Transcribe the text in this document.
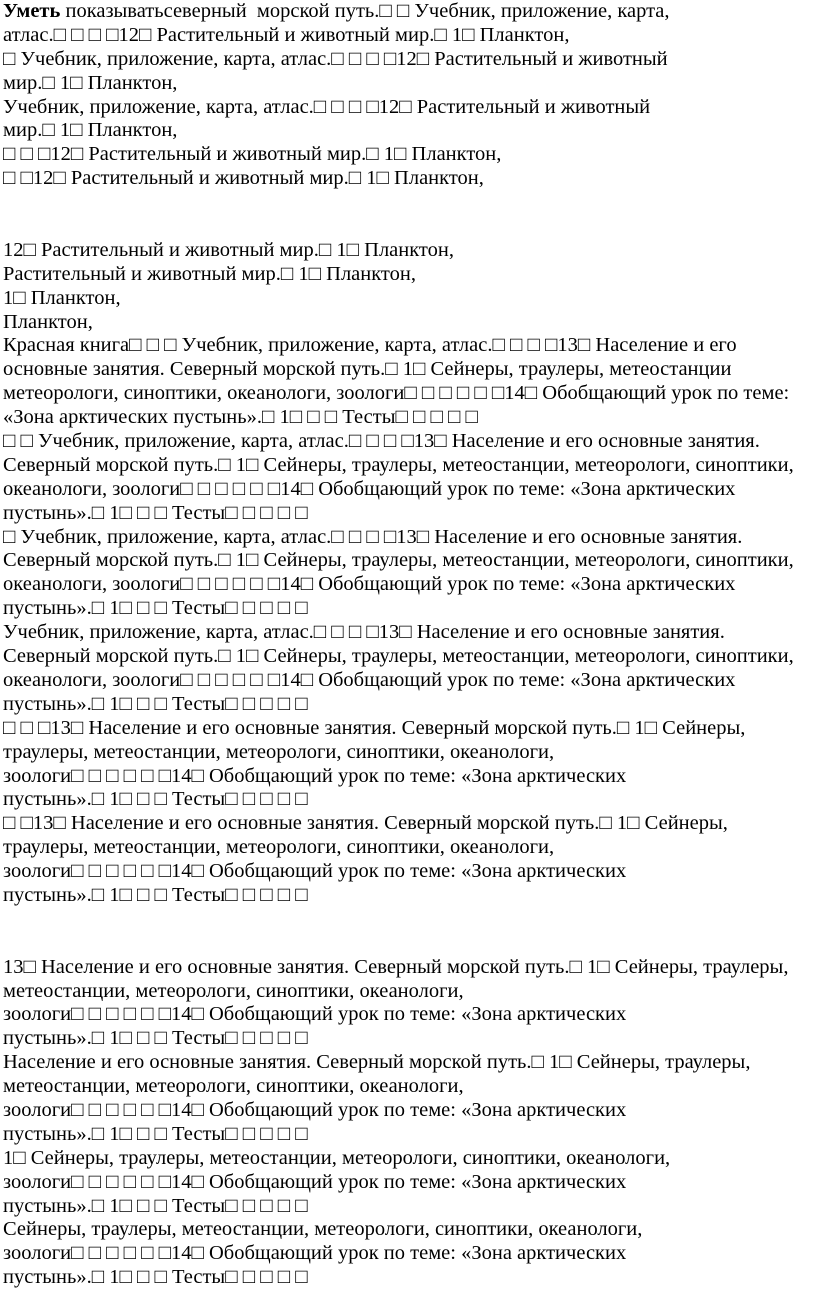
Уметь показыватьсеверный  морской путь.□ □ Учебник, приложение, карта,
атлас.□ □ □ □12□ Растительный и животный мир.□ 1□ Планктон,
□ Учебник, приложение, карта, атлас.□ □ □ □12□ Растительный и животный
мир.□ 1□ Планктон,
Учебник, приложение, карта, атлас.□ □ □ □12□ Растительный и животный
мир.□ 1□ Планктон,
□ □ □12□ Растительный и животный мир.□ 1□ Планктон,
□ □12□ Растительный и животный мир.□ 1□ Планктон,
12□ Растительный и животный мир.□ 1□ Планктон,
Растительный и животный мир.□ 1□ Планктон,
1□ Планктон,
Планктон,
Красная книга□ □ □ Учебник, приложение, карта, атлас.□ □ □ □13□ Население и его
основные занятия. Северный морской путь.□ 1□ Сейнеры, траулеры, метеостанции
метеорологи, синоптики, океанологи, зоологи□ □ □ □ □ □14□ Обобщающий урок по теме:
«Зона арктических пустынь».□ 1□ □ □ Тесты□ □ □ □ □
□ □ Учебник, приложение, карта, атлас.□ □ □ □13□ Население и его основные занятия.
Северный морской путь.□ 1□ Сейнеры, траулеры, метеостанции, метеорологи, синоптики,
океанологи, зоологи□ □ □ □ □ □14□ Обобщающий урок по теме: «Зона арктических
пустынь».□ 1□ □ □ Тесты□ □ □ □ □
□ Учебник, приложение, карта, атлас.□ □ □ □13□ Население и его основные занятия.
Северный морской путь.□ 1□ Сейнеры, траулеры, метеостанции, метеорологи, синоптики,
океанологи, зоологи□ □ □ □ □ □14□ Обобщающий урок по теме: «Зона арктических
пустынь».□ 1□ □ □ Тесты□ □ □ □ □
Учебник, приложение, карта, атлас.□ □ □ □13□ Население и его основные занятия.
Северный морской путь.□ 1□ Сейнеры, траулеры, метеостанции, метеорологи, синоптики,
океанологи, зоологи□ □ □ □ □ □14□ Обобщающий урок по теме: «Зона арктических
пустынь».□ 1□ □ □ Тесты□ □ □ □ □
□ □ □13□ Население и его основные занятия. Северный морской путь.□ 1□ Сейнеры,
траулеры, метеостанции, метеорологи, синоптики, океанологи,
зоологи□ □ □ □ □ □14□ Обобщающий урок по теме: «Зона арктических
пустынь».□ 1□ □ □ Тесты□ □ □ □ □
□ □13□ Население и его основные занятия. Северный морской путь.□ 1□ Сейнеры,
траулеры, метеостанции, метеорологи, синоптики, океанологи,
зоологи□ □ □ □ □ □14□ Обобщающий урок по теме: «Зона арктических
пустынь».□ 1□ □ □ Тесты□ □ □ □ □
13□ Население и его основные занятия. Северный морской путь.□ 1□ Сейнеры, траулеры,
метеостанции, метеорологи, синоптики, океанологи,
зоологи□ □ □ □ □ □14□ Обобщающий урок по теме: «Зона арктических
пустынь».□ 1□ □ □ Тесты□ □ □ □ □
Население и его основные занятия. Северный морской путь.□ 1□ Сейнеры, траулеры,
метеостанции, метеорологи, синоптики, океанологи,
зоологи□ □ □ □ □ □14□ Обобщающий урок по теме: «Зона арктических
пустынь».□ 1□ □ □ Тесты□ □ □ □ □
1□ Сейнеры, траулеры, метеостанции, метеорологи, синоптики, океанологи,
зоологи□ □ □ □ □ □14□ Обобщающий урок по теме: «Зона арктических
пустынь».□ 1□ □ □ Тесты□ □ □ □ □
Сейнеры, траулеры, метеостанции, метеорологи, синоптики, океанологи,
зоологи□ □ □ □ □ □14□ Обобщающий урок по теме: «Зона арктических
пустынь».□ 1□ □ □ Тесты□ □ □ □ □
